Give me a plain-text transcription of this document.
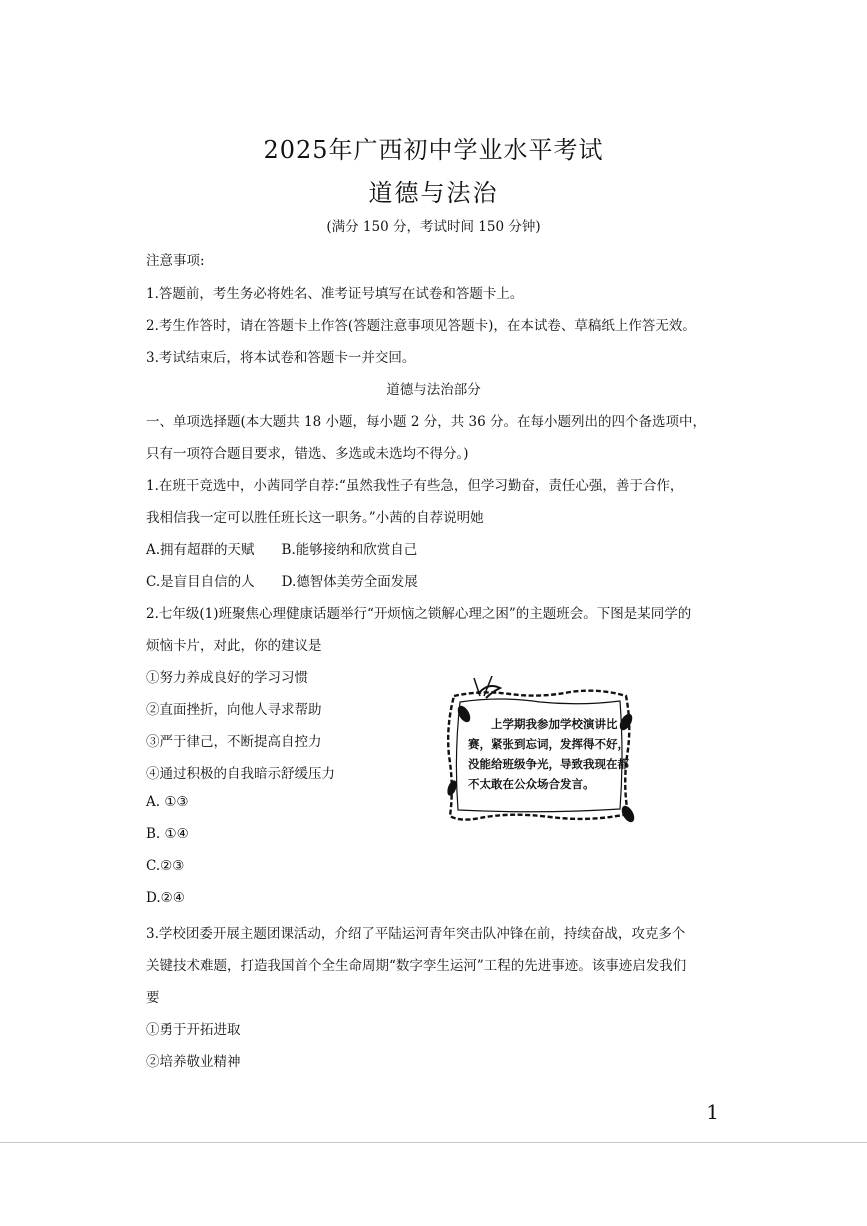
2025年广西初中学业水平考试

道德与法治

(满分 150 分，考试时间 150 分钟)

注意事项:

1.答题前，考生务必将姓名、准考证号填写在试卷和答题卡上。

2.考生作答时，请在答题卡上作答(答题注意事项见答题卡)，在本试卷、草稿纸上作答无效。

3.考试结束后，将本试卷和答题卡一并交回。

道德与法治部分

一、单项选择题(本大题共 18 小题，每小题 2 分，共 36 分。在每小题列出的四个备选项中，

只有一项符合题目要求，错选、多选或未选均不得分。)

1.在班干竞选中，小茜同学自荐:“虽然我性子有些急，但学习勤奋，责任心强，善于合作，

我相信我一定可以胜任班长这一职务。”小茜的自荐说明她

A.拥有超群的天赋　　B.能够接纳和欣赏自己

C.是盲目自信的人　　D.德智体美劳全面发展

2.七年级(1)班聚焦心理健康话题举行“开烦恼之锁解心理之困”的主题班会。下图是某同学的

烦恼卡片，对此，你的建议是

①努力养成良好的学习习惯

②直面挫折，向他人寻求帮助

③严于律己，不断提高自控力

④通过积极的自我暗示舒缓压力

A. ①③

B. ①④

C.②③

D.②④

上学期我参加学校演讲比赛，紧张到忘词，发挥得不好，没能给班级争光，导致我现在都不太敢在公众场合发言。

3.学校团委开展主题团课活动，介绍了平陆运河青年突击队冲锋在前，持续奋战，攻克多个

关键技术难题，打造我国首个全生命周期“数字孪生运河”工程的先进事迹。该事迹启发我们

要

①勇于开拓进取

②培养敬业精神

1
